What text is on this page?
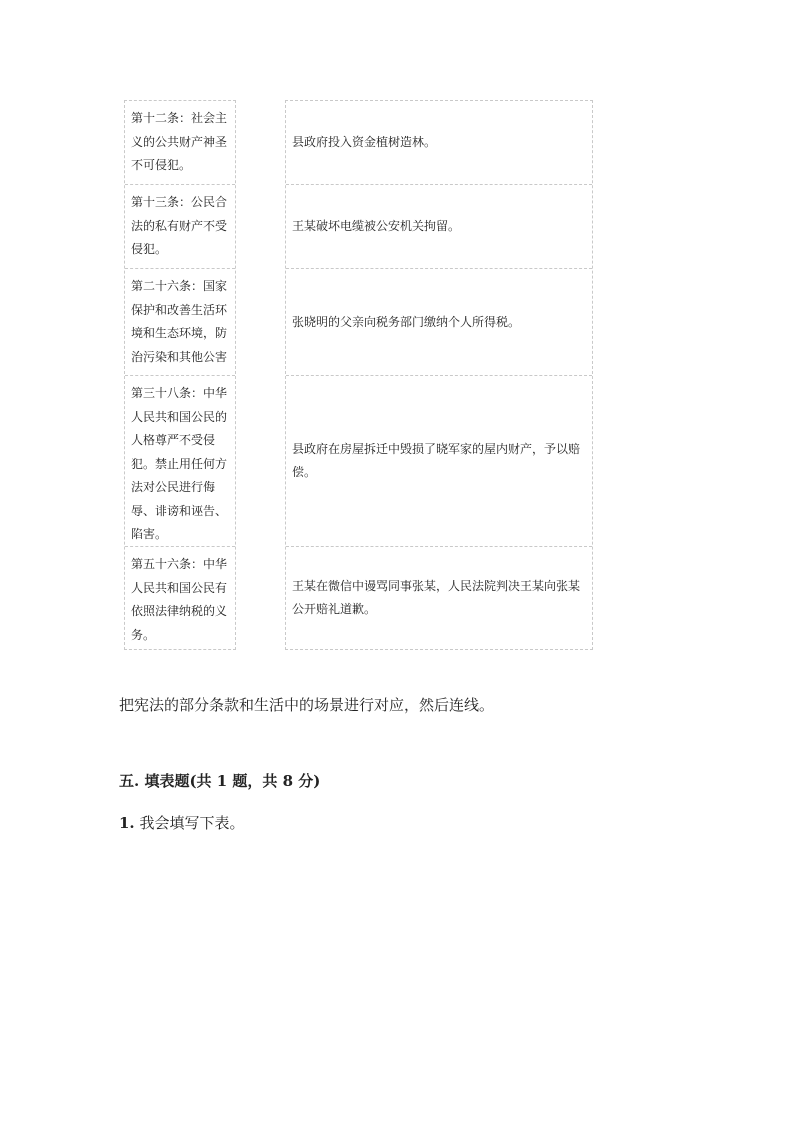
第十二条：社会主义的公共财产神圣不可侵犯。
第十三条：公民合法的私有财产不受侵犯。
第二十六条：国家保护和改善生活环境和生态环境，防治污染和其他公害
第三十八条：中华人民共和国公民的人格尊严不受侵犯。禁止用任何方法对公民进行侮辱、诽谤和诬告、陷害。
第五十六条：中华人民共和国公民有依照法律纳税的义务。
县政府投入资金植树造林。
王某破坏电缆被公安机关拘留。
张晓明的父亲向税务部门缴纳个人所得税。
县政府在房屋拆迁中毁损了晓军家的屋内财产，予以赔偿。
王某在微信中谩骂同事张某，人民法院判决王某向张某公开赔礼道歉。
把宪法的部分条款和生活中的场景进行对应，然后连线。
五. 填表题(共 1 题，共 8 分)
1. 我会填写下表。
